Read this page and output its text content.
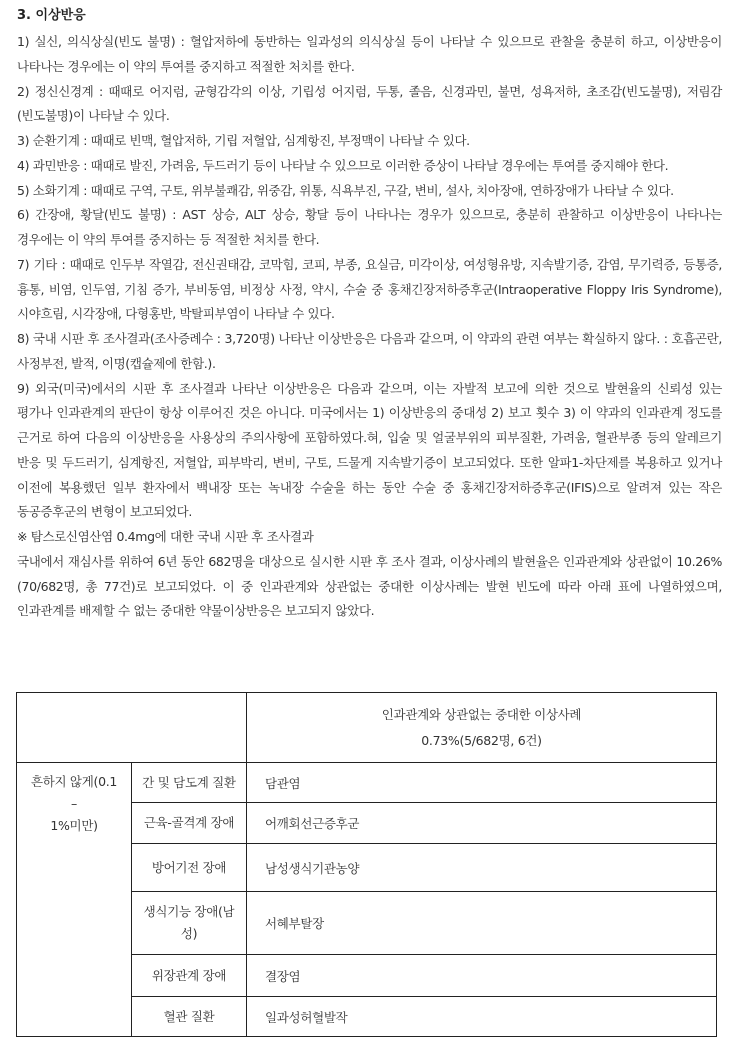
3. 이상반응

1) 실신, 의식상실(빈도 불명) : 혈압저하에 동반하는 일과성의 의식상실 등이 나타날 수 있으므로 관찰을 충분히 하고, 이상반응이 나타나는 경우에는 이 약의 투여를 중지하고 적절한 처치를 한다.

2) 정신신경계 : 때때로 어지럼, 균형감각의 이상, 기립성 어지럼, 두통, 졸음, 신경과민, 불면, 성욕저하, 초조감(빈도불명), 저림감(빈도불명)이 나타날 수 있다.

3) 순환기계 : 때때로 빈맥, 혈압저하, 기립 저혈압, 심계항진, 부정맥이 나타날 수 있다.

4) 과민반응 : 때때로 발진, 가려움, 두드러기 등이 나타날 수 있으므로 이러한 증상이 나타날 경우에는 투여를 중지해야 한다.

5) 소화기계 : 때때로 구역, 구토, 위부불쾌감, 위중감, 위통, 식욕부진, 구갈, 변비, 설사, 치아장애, 연하장애가 나타날 수 있다.

6) 간장애, 황달(빈도 불명) : AST 상승, ALT 상승, 황달 등이 나타나는 경우가 있으므로, 충분히 관찰하고 이상반응이 나타나는 경우에는 이 약의 투여를 중지하는 등 적절한 처치를 한다.

7) 기타 : 때때로 인두부 작열감, 전신권태감, 코막힘, 코피, 부종, 요실금, 미각이상, 여성형유방, 지속발기증, 감염, 무기력증, 등통증, 흉통, 비염, 인두염, 기침 증가, 부비동염, 비정상 사정, 약시, 수술 중 홍채긴장저하증후군(Intraoperative Floppy Iris Syndrome), 시야흐림, 시각장애, 다형홍반, 박탈피부염이 나타날 수 있다.

8) 국내 시판 후 조사결과(조사증례수 : 3,720명) 나타난 이상반응은 다음과 같으며, 이 약과의 관련 여부는 확실하지 않다. : 호흡곤란, 사정부전, 발적, 이명(캡슐제에 한함.).

9) 외국(미국)에서의 시판 후 조사결과 나타난 이상반응은 다음과 같으며, 이는 자발적 보고에 의한 것으로 발현율의 신뢰성 있는 평가나 인과관계의 판단이 항상 이루어진 것은 아니다. 미국에서는 1) 이상반응의 중대성 2) 보고 횟수 3) 이 약과의 인과관계 정도를 근거로 하여 다음의 이상반응을 사용상의 주의사항에 포함하였다.혀, 입술 및 얼굴부위의 피부질환, 가려움, 혈관부종 등의 알레르기 반응 및 두드러기, 심계항진, 저혈압, 피부박리, 변비, 구토, 드물게 지속발기증이 보고되었다. 또한 알파1-차단제를 복용하고 있거나 이전에 복용했던 일부 환자에서 백내장 또는 녹내장 수술을 하는 동안 수술 중 홍채긴장저하증후군(IFIS)으로 알려져 있는 작은 동공증후군의 변형이 보고되었다.

※ 탐스로신염산염 0.4mg에 대한 국내 시판 후 조사결과

국내에서 재심사를 위하여 6년 동안 682명을 대상으로 실시한 시판 후 조사 결과, 이상사례의 발현율은 인과관계와 상관없이 10.26%(70/682명, 총 77건)로 보고되었다. 이 중 인과관계와 상관없는 중대한 이상사례는 발현 빈도에 따라 아래 표에 나열하였으며, 인과관계를 배제할 수 없는 중대한 약물이상반응은 보고되지 않았다.

		인과관계와 상관없는 중대한 이상사례
0.73%(5/682명, 6건)

흔하지 않게(0.1 –
1%미만)	간 및 담도계 질환	담관염
	근육-골격계 장애	어깨회선근증후군
	방어기전 장애	남성생식기관농양

	생식기능 장애(남
성)	서혜부탈장
	위장관계 장애	결장염
	혈관 질환	일과성허혈발작
